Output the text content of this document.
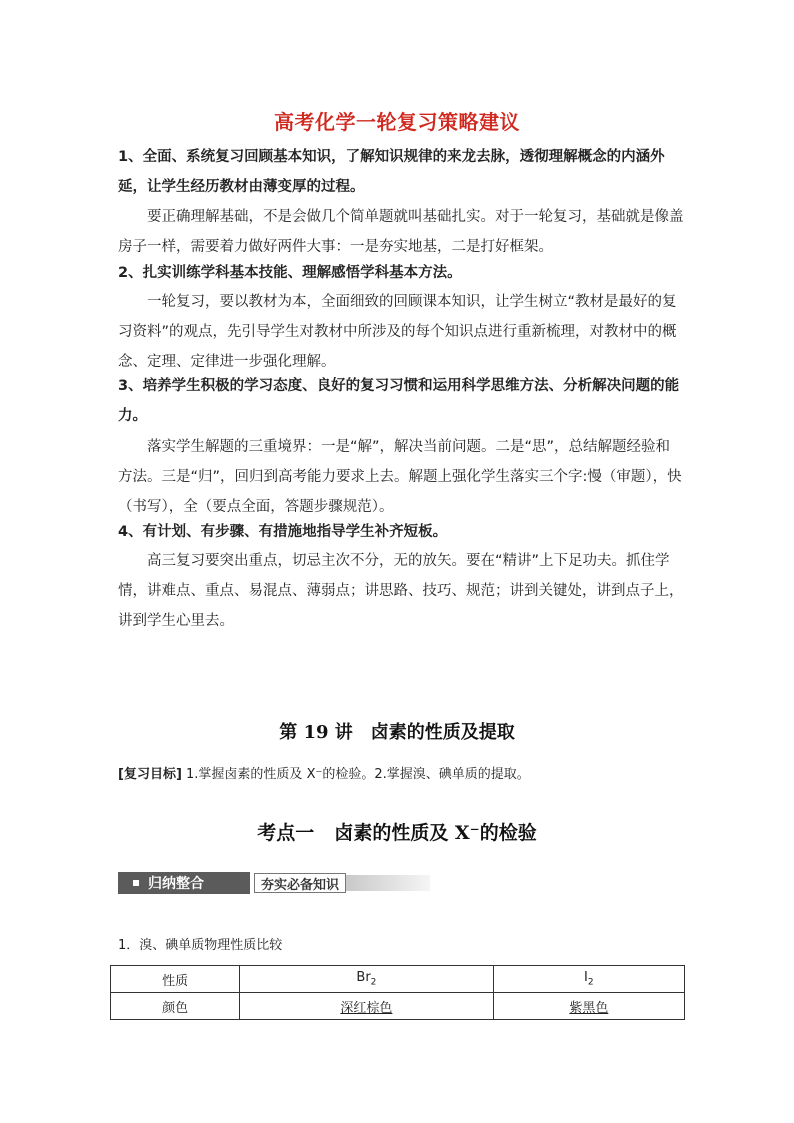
高考化学一轮复习策略建议

1、全面、系统复习回顾基本知识，了解知识规律的来龙去脉，透彻理解概念的内涵外延，让学生经历教材由薄变厚的过程。

要正确理解基础，不是会做几个简单题就叫基础扎实。对于一轮复习，基础就是像盖房子一样，需要着力做好两件大事：一是夯实地基，二是打好框架。

2、扎实训练学科基本技能、理解感悟学科基本方法。

一轮复习，要以教材为本，全面细致的回顾课本知识，让学生树立“教材是最好的复习资料”的观点，先引导学生对教材中所涉及的每个知识点进行重新梳理，对教材中的概念、定理、定律进一步强化理解。

3、培养学生积极的学习态度、良好的复习习惯和运用科学思维方法、分析解决问题的能力。

落实学生解题的三重境界：一是“解”，解决当前问题。二是“思”，总结解题经验和方法。三是“归”，回归到高考能力要求上去。解题上强化学生落实三个字:慢（审题），快（书写），全（要点全面，答题步骤规范）。

4、有计划、有步骤、有措施地指导学生补齐短板。

高三复习要突出重点，切忌主次不分，无的放矢。要在“精讲”上下足功夫。抓住学情，讲难点、重点、易混点、薄弱点；讲思路、技巧、规范；讲到关键处，讲到点子上，讲到学生心里去。

第 19 讲 卤素的性质及提取
[复习目标] 1.掌握卤素的性质及 X⁻的检验。2.掌握溴、碘单质的提取。
考点一 卤素的性质及 X⁻的检验
归纳整合	夯实必备知识
1．溴、碘单质物理性质比较
性质	$Br_2$	$I_2$
颜色	深红棕色	紫黑色
